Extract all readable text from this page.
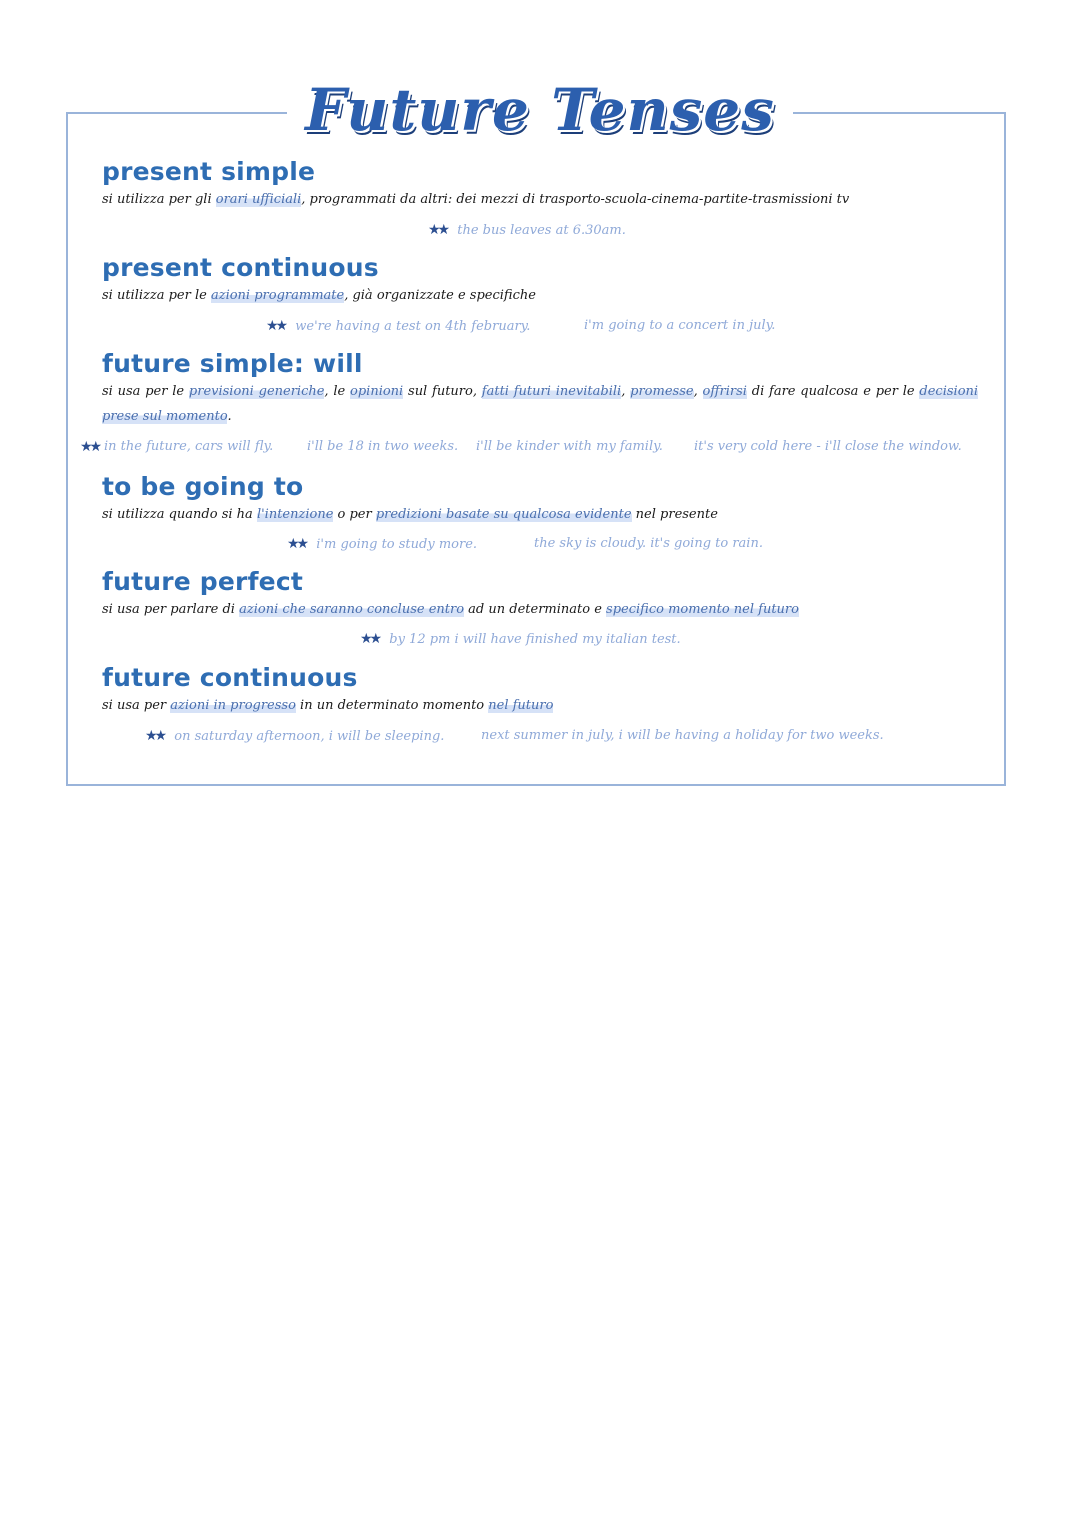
Future Tenses
present simple

si utilizza per gli orari ufficiali, programmati da altri: dei mezzi di trasporto-scuola-cinema-partite-trasmissioni tv

★★ the bus leaves at 6.30am.
present continuous

si utilizza per le azioni programmate, già organizzate e specifiche

★★ we're having a test on 4th february.	i'm going to a concert in july.
future simple: will

si usa per le previsioni generiche, le opinioni sul futuro, fatti futuri inevitabili, promesse, offrirsi di fare qualcosa e per le decisioni prese sul momento.

★★ in the future, cars will fly.	i'll be 18 in two weeks. i'll be kinder with my family. it's very cold here - i'll close the window.
to be going to

si utilizza quando si ha l'intenzione o per predizioni basate su qualcosa evidente nel presente

★★ i'm going to study more.	the sky is cloudy. it's going to rain.
future perfect

si usa per parlare di azioni che saranno concluse entro ad un determinato e specifico momento nel futuro

★★ by 12 pm i will have finished my italian test.
future continuous

si usa per azioni in progresso in un determinato momento nel futuro

★★ on saturday afternoon, i will be sleeping.	next summer in july, i will be having a holiday for two weeks.
